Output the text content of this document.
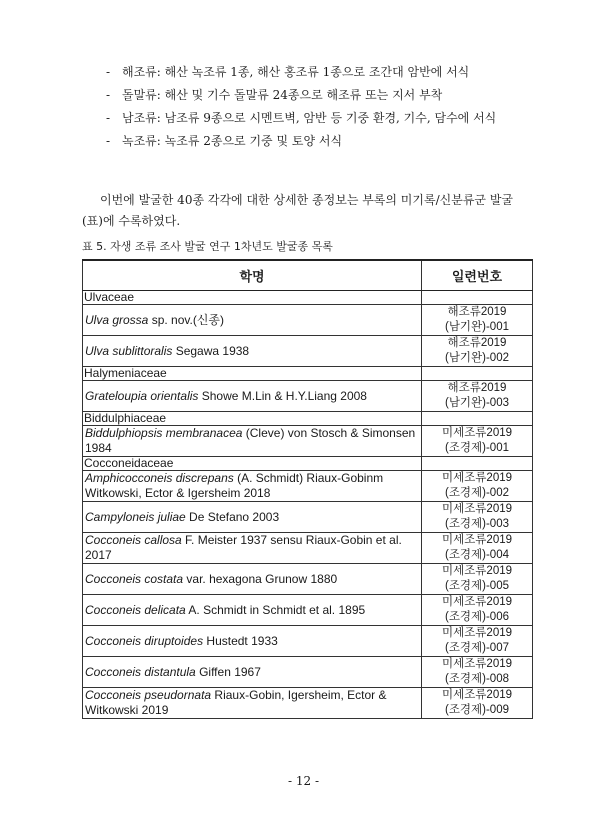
- 해조류: 해산 녹조류 1종, 해산 홍조류 1종으로 조간대 암반에 서식
- 돌말류: 해산 및 기수 돌말류 24종으로 해조류 또는 지서 부착
- 남조류: 남조류 9종으로 시멘트벽, 암반 등 기중 환경, 기수, 담수에 서식
- 녹조류: 녹조류 2종으로 기중 및 토양 서식

이번에 발굴한 40종 각각에 대한 상세한 종정보는 부록의 미기록/신분류군 발굴(표)에 수록하였다.

표 5. 자생 조류 조사 발굴 연구 1차년도 발굴종 목록
학명	일련번호
Ulvaceae	
Ulva grossa sp. nov.(신종)	해조류2019
(남기완)-001

Ulva sublittoralis Segawa 1938	해조류2019
(남기완)-002

Halymeniaceae	
Grateloupia orientalis Showe M.Lin & H.Y.Liang 2008	해조류2019
(남기완)-003

Biddulphiaceae	
Biddulphiopsis membranacea (Cleve) von Stosch & Simonsen 1984	미세조류2019
(조경제)-001

Cocconeidaceae	
Amphicocconeis discrepans (A. Schmidt) Riaux-Gobinm Witkowski, Ector & Igersheim 2018	미세조류2019
(조경제)-002

Campyloneis juliae De Stefano 2003	미세조류2019
(조경제)-003

Cocconeis callosa F. Meister 1937 sensu Riaux-Gobin et al. 2017	미세조류2019
(조경제)-004

Cocconeis costata var. hexagona Grunow 1880	미세조류2019
(조경제)-005

Cocconeis delicata A. Schmidt in Schmidt et al. 1895	미세조류2019
(조경제)-006

Cocconeis diruptoides Hustedt 1933	미세조류2019
(조경제)-007

Cocconeis distantula Giffen 1967	미세조류2019
(조경제)-008

Cocconeis pseudornata Riaux-Gobin, Igersheim, Ector & Witkowski 2019	미세조류2019
(조경제)-009
- 12 -
